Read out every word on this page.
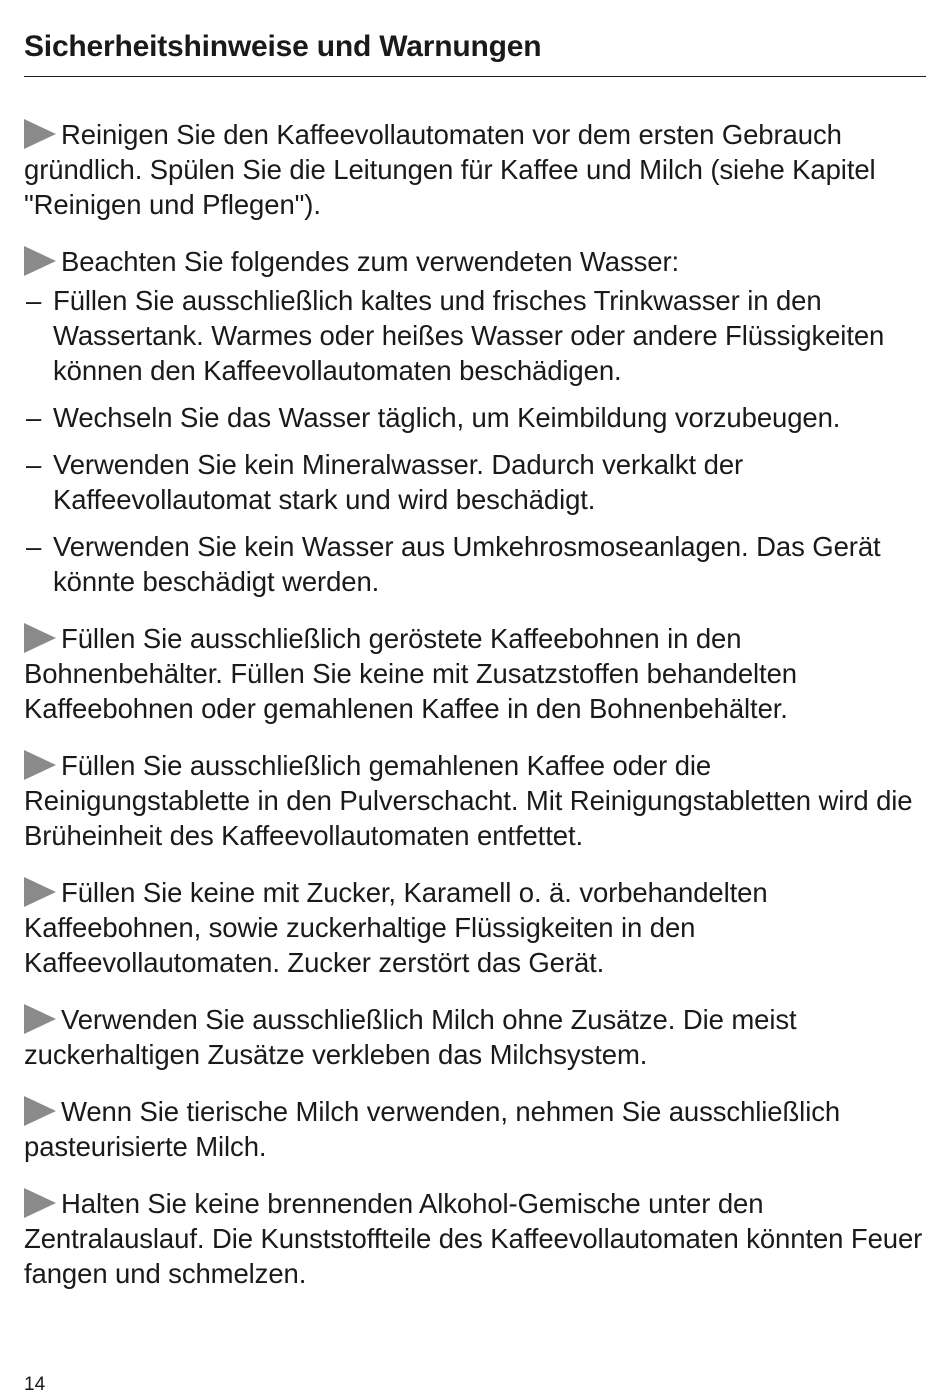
Sicherheitshinweise und Warnungen

Reinigen Sie den Kaffeevollautomaten vor dem ersten Gebrauch gründlich. Spülen Sie die Leitungen für Kaffee und Milch (siehe Kapitel "Reinigen und Pflegen").

Beachten Sie folgendes zum verwendeten Wasser:

– Füllen Sie ausschließlich kaltes und frisches Trinkwasser in den Wassertank. Warmes oder heißes Wasser oder andere Flüssigkeiten können den Kaffeevollautomaten beschädigen.
– Wechseln Sie das Wasser täglich, um Keimbildung vorzubeugen.
– Verwenden Sie kein Mineralwasser. Dadurch verkalkt der Kaffeevollautomat stark und wird beschädigt.
– Verwenden Sie kein Wasser aus Umkehrosmoseanlagen. Das Gerät könnte beschädigt werden.

Füllen Sie ausschließlich geröstete Kaffeebohnen in den Bohnenbehälter. Füllen Sie keine mit Zusatzstoffen behandelten Kaffeebohnen oder gemahlenen Kaffee in den Bohnenbehälter.

Füllen Sie ausschließlich gemahlenen Kaffee oder die Reinigungstablette in den Pulverschacht. Mit Reinigungstabletten wird die Brüheinheit des Kaffeevollautomaten entfettet.

Füllen Sie keine mit Zucker, Karamell o. ä. vorbehandelten Kaffeebohnen, sowie zuckerhaltige Flüssigkeiten in den Kaffeevollautomaten. Zucker zerstört das Gerät.

Verwenden Sie ausschließlich Milch ohne Zusätze. Die meist zuckerhaltigen Zusätze verkleben das Milchsystem.

Wenn Sie tierische Milch verwenden, nehmen Sie ausschließlich pasteurisierte Milch.

Halten Sie keine brennenden Alkohol-Gemische unter den Zentralauslauf. Die Kunststoffteile des Kaffeevollautomaten könnten Feuer fangen und schmelzen.

14
